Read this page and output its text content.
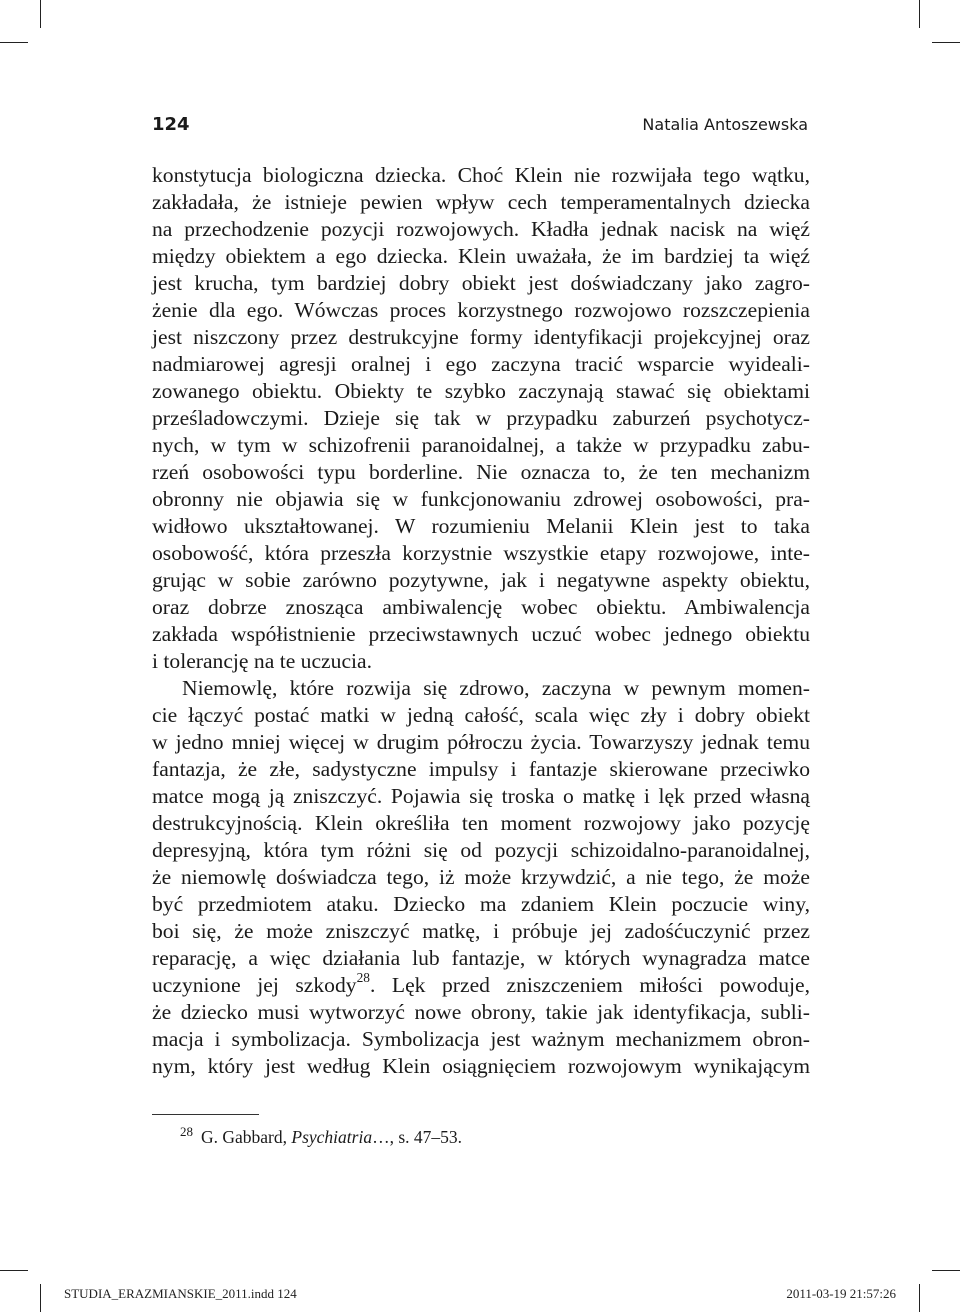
124	Natalia Antoszewska
konstytucja biologiczna dziecka. Choć Klein nie rozwijała tego wątku,
zakładała, że istnieje pewien wpływ cech temperamentalnych dziecka
na przechodzenie pozycji rozwojowych. Kładła jednak nacisk na więź
między obiektem a ego dziecka. Klein uważała, że im bardziej ta więź
jest krucha, tym bardziej dobry obiekt jest doświadczany jako zagro-
żenie dla ego. Wówczas proces korzystnego rozwojowo rozszczepienia
jest niszczony przez destrukcyjne formy identyfikacji projekcyjnej oraz
nadmiarowej agresji oralnej i ego zaczyna tracić wsparcie wyideali-
zowanego obiektu. Obiekty te szybko zaczynają stawać się obiektami
prześladowczymi. Dzieje się tak w przypadku zaburzeń psychotycz-
nych, w tym w schizofrenii paranoidalnej, a także w przypadku zabu-
rzeń osobowości typu borderline. Nie oznacza to, że ten mechanizm
obronny nie objawia się w funkcjonowaniu zdrowej osobowości, pra-
widłowo ukształtowanej. W rozumieniu Melanii Klein jest to taka
osobowość, która przeszła korzystnie wszystkie etapy rozwojowe, inte-
grując w sobie zarówno pozytywne, jak i negatywne aspekty obiektu,
oraz dobrze znosząca ambiwalencję wobec obiektu. Ambiwalencja
zakłada współistnienie przeciwstawnych uczuć wobec jednego obiektu
i tolerancję na te uczucia.
Niemowlę, które rozwija się zdrowo, zaczyna w pewnym momen-
cie łączyć postać matki w jedną całość, scala więc zły i dobry obiekt
w jedno mniej więcej w drugim półroczu życia. Towarzyszy jednak temu
fantazja, że złe, sadystyczne impulsy i fantazje skierowane przeciwko
matce mogą ją zniszczyć. Pojawia się troska o matkę i lęk przed własną
destrukcyjnością. Klein określiła ten moment rozwojowy jako pozycję
depresyjną, która tym różni się od pozycji schizoidalno-paranoidalnej,
że niemowlę doświadcza tego, iż może krzywdzić, a nie tego, że może
być przedmiotem ataku. Dziecko ma zdaniem Klein poczucie winy,
boi się, że może zniszczyć matkę, i próbuje jej zadośćuczynić przez
reparację, a więc działania lub fantazje, w których wynagradza matce
uczynione jej szkody$^{28}$. Lęk przed zniszczeniem miłości powoduje,
że dziecko musi wytworzyć nowe obrony, takie jak identyfikacja, subli-
macja i symbolizacja. Symbolizacja jest ważnym mechanizmem obron-
nym, który jest według Klein osiągnięciem rozwojowym wynikającym
$^{28}$ G. Gabbard, Psychiatria…, s. 47–53.
STUDIA_ERAZMIANSKIE_2011.indd 124	2011-03-19 21:57:26
